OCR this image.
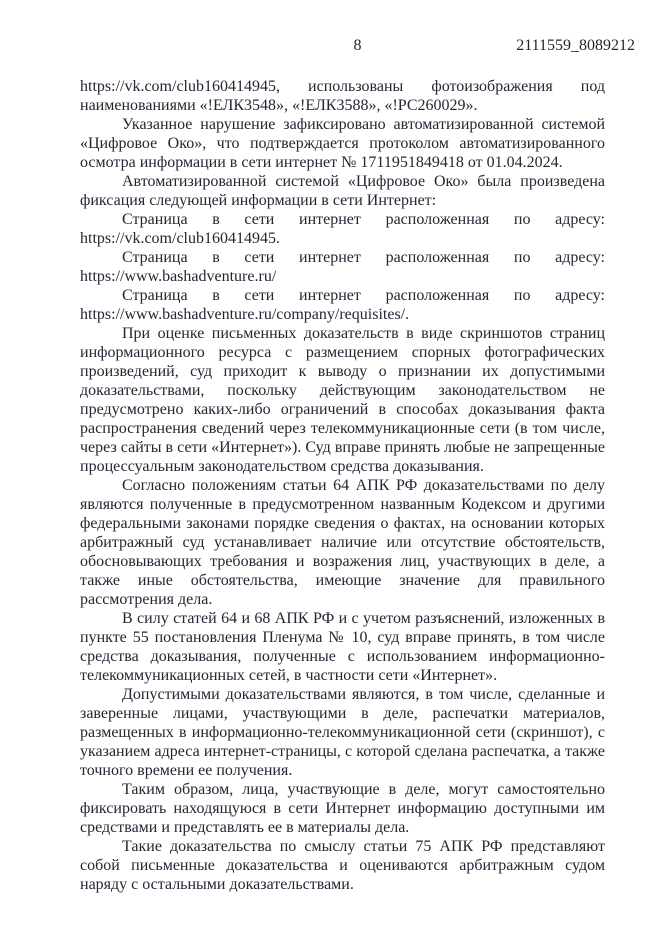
8	2111559_8089212

https://vk.com/club160414945, использованы фотоизображения под наименованиями «!ЕЛК3548», «!ЕЛК3588», «!РС260029».

Указанное нарушение зафиксировано автоматизированной системой «Цифровое Око», что подтверждается протоколом автоматизированного осмотра информации в сети интернет № 1711951849418 от 01.04.2024.

Автоматизированной системой «Цифровое Око» была произведена фиксация следующей информации в сети Интернет:

Страница в сети интернет расположенная по адресу: https://vk.com/club160414945.

Страница в сети интернет расположенная по адресу: https://www.bashadventure.ru/

Страница в сети интернет расположенная по адресу: https://www.bashadventure.ru/company/requisites/.

При оценке письменных доказательств в виде скриншотов страниц информационного ресурса с размещением спорных фотографических произведений, суд приходит к выводу о признании их допустимыми доказательствами, поскольку действующим законодательством не предусмотрено каких-либо ограничений в способах доказывания факта распространения сведений через телекоммуникационные сети (в том числе, через сайты в сети «Интернет»). Суд вправе принять любые не запрещенные процессуальным законодательством средства доказывания.

Согласно положениям статьи 64 АПК РФ доказательствами по делу являются полученные в предусмотренном названным Кодексом и другими федеральными законами порядке сведения о фактах, на основании которых арбитражный суд устанавливает наличие или отсутствие обстоятельств, обосновывающих требования и возражения лиц, участвующих в деле, а также иные обстоятельства, имеющие значение для правильного рассмотрения дела.

В силу статей 64 и 68 АПК РФ и с учетом разъяснений, изложенных в пункте 55 постановления Пленума № 10, суд вправе принять, в том числе средства доказывания, полученные с использованием информационно-телекоммуникационных сетей, в частности сети «Интернет».

Допустимыми доказательствами являются, в том числе, сделанные и заверенные лицами, участвующими в деле, распечатки материалов, размещенных в информационно-телекоммуникационной сети (скриншот), с указанием адреса интернет-страницы, с которой сделана распечатка, а также точного времени ее получения.

Таким образом, лица, участвующие в деле, могут самостоятельно фиксировать находящуюся в сети Интернет информацию доступными им средствами и представлять ее в материалы дела.

Такие доказательства по смыслу статьи 75 АПК РФ представляют собой письменные доказательства и оцениваются арбитражным судом наряду с остальными доказательствами.
